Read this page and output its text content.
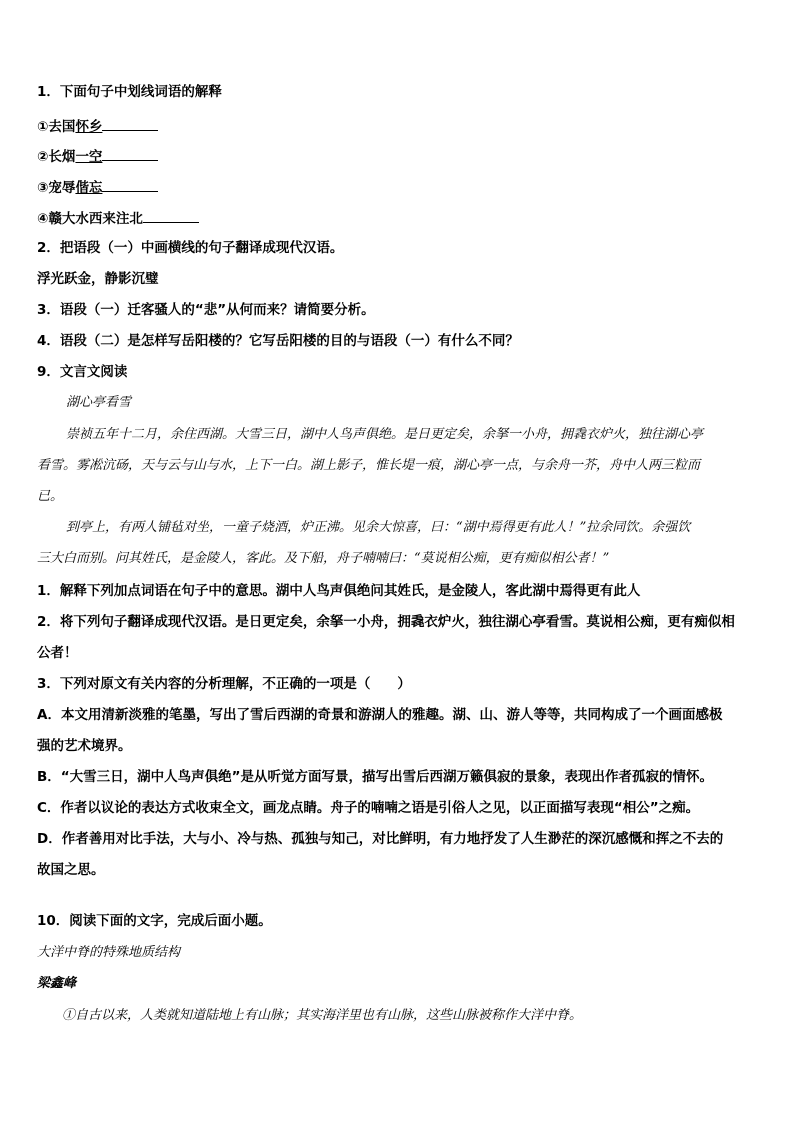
1．下面句子中划线词语的解释
①去国怀乡
②长烟一空
③宠辱偕忘
④赣大水西来注北
2．把语段（一）中画横线的句子翻译成现代汉语。
浮光跃金，静影沉璧
3．语段（一）迁客骚人的“悲”从何而来？请简要分析。
4．语段（二）是怎样写岳阳楼的？它写岳阳楼的目的与语段（一）有什么不同？
9．文言文阅读
湖心亭看雪
崇祯五年十二月，余住西湖。大雪三日，湖中人鸟声俱绝。是日更定矣，余拏一小舟，拥毳衣炉火，独往湖心亭
看雪。雾凇沆砀，天与云与山与水，上下一白。湖上影子，惟长堤一痕，湖心亭一点，与余舟一芥，舟中人两三粒而
已。
到亭上，有两人铺毡对坐，一童子烧酒，炉正沸。见余大惊喜，曰：“湖中焉得更有此人！”拉余同饮。余强饮
三大白而别。问其姓氏，是金陵人，客此。及下船，舟子喃喃曰：“莫说相公痴，更有痴似相公者！”
1．解释下列加点词语在句子中的意思。湖中人鸟声俱绝问其姓氏，是金陵人，客此湖中焉得更有此人
2．将下列句子翻译成现代汉语。是日更定矣，余拏一小舟，拥毳衣炉火，独往湖心亭看雪。莫说相公痴，更有痴似相
公者！
3．下列对原文有关内容的分析理解，不正确的一项是（　　）
A．本文用清新淡雅的笔墨，写出了雪后西湖的奇景和游湖人的雅趣。湖、山、游人等等，共同构成了一个画面感极
强的艺术境界。
B．“大雪三日，湖中人鸟声俱绝”是从听觉方面写景，描写出雪后西湖万籁俱寂的景象，表现出作者孤寂的情怀。
C．作者以议论的表达方式收束全文，画龙点睛。舟子的喃喃之语是引俗人之见，以正面描写表现“相公”之痴。
D．作者善用对比手法，大与小、冷与热、孤独与知己，对比鲜明，有力地抒发了人生渺茫的深沉感慨和挥之不去的
故国之思。
10．阅读下面的文字，完成后面小题。
大洋中脊的特殊地质结构
梁鑫峰
①自古以来，人类就知道陆地上有山脉；其实海洋里也有山脉，这些山脉被称作大洋中脊。
